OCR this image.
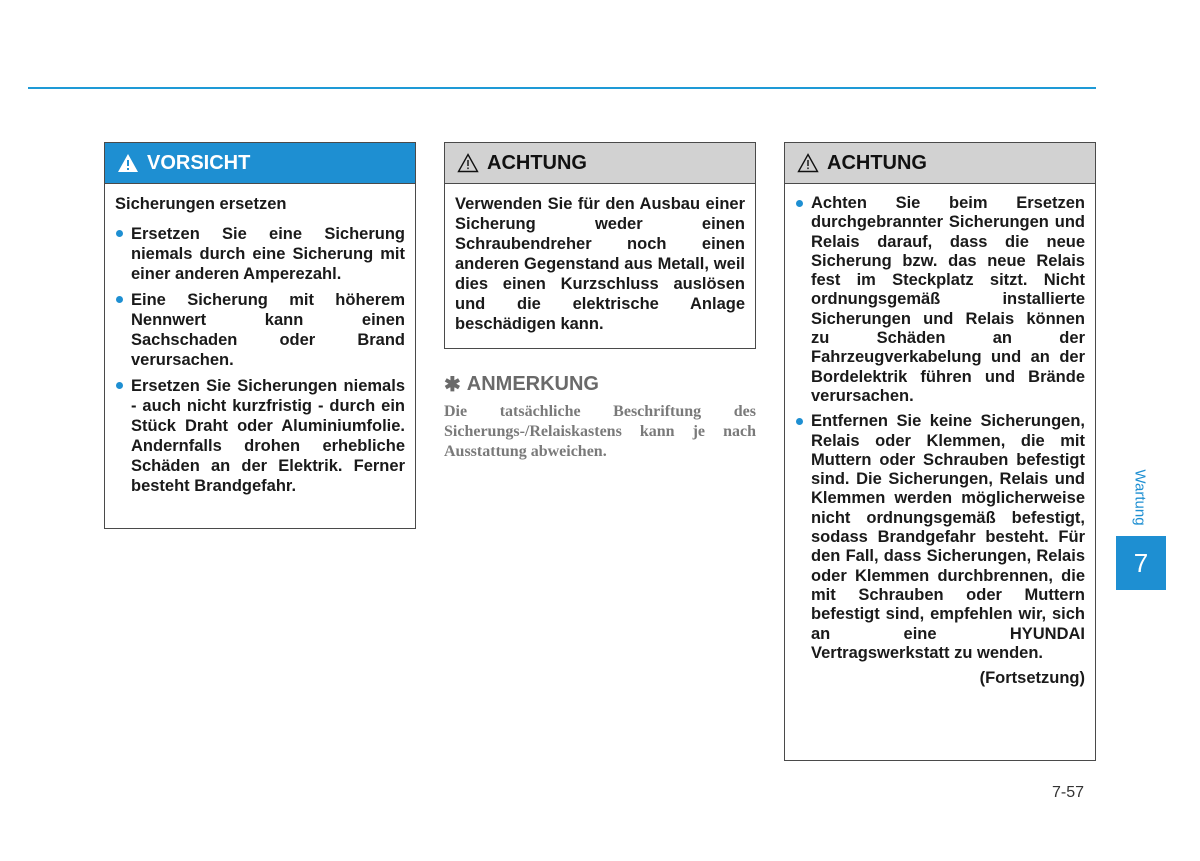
VORSICHT

Sicherungen ersetzen

Ersetzen Sie eine Sicherung niemals durch eine Sicherung mit einer anderen Amperezahl.
Eine Sicherung mit höherem Nennwert kann einen Sachschaden oder Brand verursachen.
Ersetzen Sie Sicherungen niemals - auch nicht kurzfristig - durch ein Stück Draht oder Aluminiumfolie. Andernfalls drohen erhebliche Schäden an der Elektrik. Ferner besteht Brandgefahr.
ACHTUNG

Verwenden Sie für den Ausbau einer Sicherung weder einen Schraubendreher noch einen anderen Gegenstand aus Metall, weil dies einen Kurzschluss auslösen und die elektrische Anlage beschädigen kann.

✱ ANMERKUNG

Die tatsächliche Beschriftung des Sicherungs-/Relaiskastens kann je nach Ausstattung abweichen.

ACHTUNG
Achten Sie beim Ersetzen durchgebrannter Sicherungen und Relais darauf, dass die neue Sicherung bzw. das neue Relais fest im Steckplatz sitzt. Nicht ordnungsgemäß installierte Sicherungen und Relais können zu Schäden an der Fahrzeugverkabelung und an der Bordelektrik führen und Brände verursachen.
Entfernen Sie keine Sicherungen, Relais oder Klemmen, die mit Muttern oder Schrauben befestigt sind. Die Sicherungen, Relais und Klemmen werden möglicherweise nicht ordnungsgemäß befestigt, sodass Brandgefahr besteht. Für den Fall, dass Sicherungen, Relais oder Klemmen durchbrennen, die mit Schrauben oder Muttern befestigt sind, empfehlen wir, sich an eine HYUNDAI Vertragswerkstatt zu wenden.
(Fortsetzung)
Wartung
7
7-57
